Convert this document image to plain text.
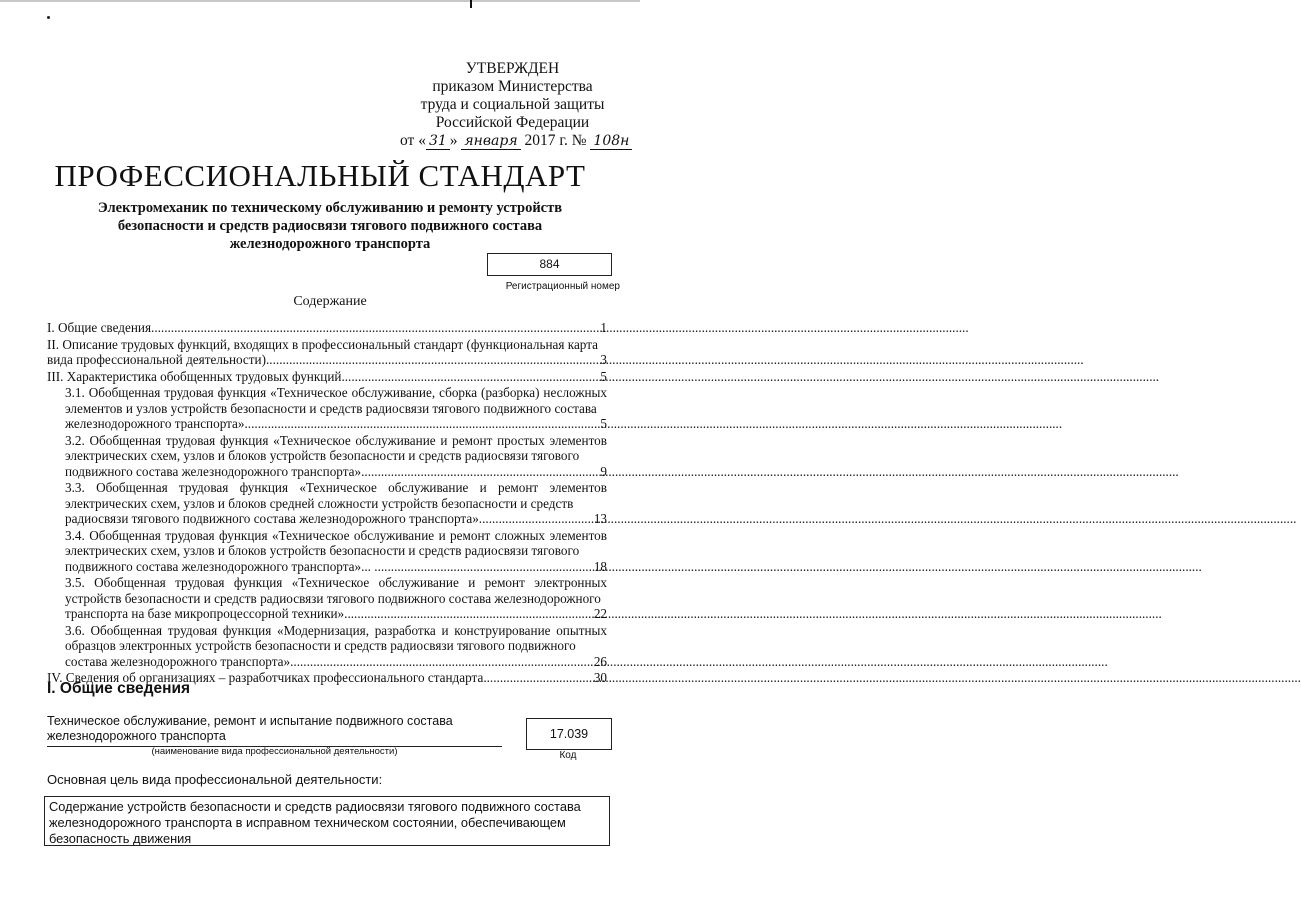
УТВЕРЖДЕН
приказом Министерства
труда и социальной защиты
Российской Федерации
от « 31 » января 2017 г. № 108н
ПРОФЕССИОНАЛЬНЫЙ СТАНДАРТ
Электромеханик по техническому обслуживанию и ремонту устройств безопасности и средств радиосвязи тягового подвижного состава железнодорожного транспорта
884
Регистрационный номер
Содержание
I. Общие сведения .....	1
II. Описание трудовых функций, входящих в профессиональный стандарт (функциональная карта
вида профессиональной деятельности) .....	3
III. Характеристика обобщенных трудовых функций .....	5
3.1. Обобщенная трудовая функция «Техническое обслуживание, сборка (разборка) несложных элементов и узлов устройств безопасности и средств радиосвязи тягового подвижного состава
железнодорожного транспорта» .....	5
3.2. Обобщенная трудовая функция «Техническое обслуживание и ремонт простых элементов электрических схем, узлов и блоков устройств безопасности и средств радиосвязи тягового
подвижного состава железнодорожного транспорта» .....	9
3.3. Обобщенная трудовая функция «Техническое обслуживание и ремонт элементов электрических схем, узлов и блоков средней сложности устройств безопасности и средств
радиосвязи тягового подвижного состава железнодорожного транспорта» .....	13
3.4. Обобщенная трудовая функция «Техническое обслуживание и ремонт сложных элементов электрических схем, узлов и блоков устройств безопасности и средств радиосвязи тягового
подвижного состава железнодорожного транспорта»... ... .....	18
3.5. Обобщенная трудовая функция «Техническое обслуживание и ремонт электронных устройств безопасности и средств радиосвязи тягового подвижного состава железнодорожного
транспорта на базе микропроцессорной техники» .....	22
3.6. Обобщенная трудовая функция «Модернизация, разработка и конструирование опытных образцов электронных устройств безопасности и средств радиосвязи тягового подвижного
состава железнодорожного транспорта» .....	26
IV. Сведения об организациях – разработчиках профессионального стандарта .....	30
I. Общие сведения
Техническое обслуживание, ремонт и испытание подвижного состава железнодорожного транспорта
(наименование вида профессиональной деятельности)
17.039
Код
Основная цель вида профессиональной деятельности:
Содержание устройств безопасности и средств радиосвязи тягового подвижного состава железнодорожного транспорта в исправном техническом состоянии, обеспечивающем безопасность движения
